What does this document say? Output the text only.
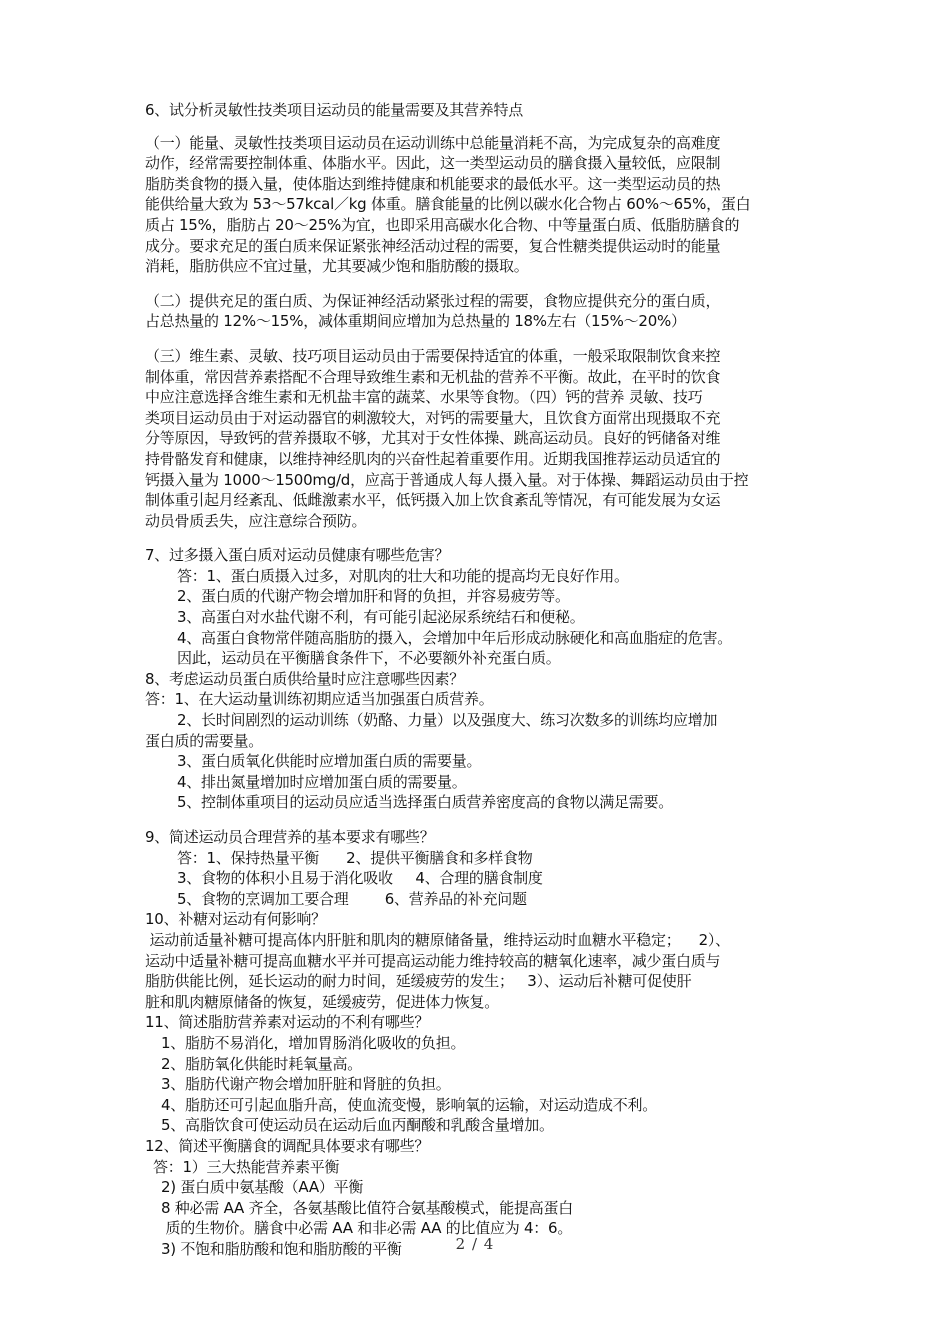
6、试分析灵敏性技类项目运动员的能量需要及其营养特点
（一）能量、灵敏性技类项目运动员在运动训练中总能量消耗不高，为完成复杂的高难度
动作，经常需要控制体重、体脂水平。因此，这一类型运动员的膳食摄入量较低，应限制
脂肪类食物的摄入量，使体脂达到维持健康和机能要求的最低水平。这一类型运动员的热
能供给量大致为 53～57kcal／kg 体重。膳食能量的比例以碳水化合物占 60%～65%，蛋白
质占 15%，脂肪占 20～25%为宜，也即采用高碳水化合物、中等量蛋白质、低脂肪膳食的
成分。要求充足的蛋白质来保证紧张神经活动过程的需要，复合性糖类提供运动时的能量
消耗，脂肪供应不宜过量，尤其要减少饱和脂肪酸的摄取。
（二）提供充足的蛋白质、为保证神经活动紧张过程的需要，食物应提供充分的蛋白质，
占总热量的 12%～15%，减体重期间应增加为总热量的 18%左右（15%～20%）
（三）维生素、灵敏、技巧项目运动员由于需要保持适宜的体重，一般采取限制饮食来控
制体重，常因营养素搭配不合理导致维生素和无机盐的营养不平衡。故此，在平时的饮食
中应注意选择含维生素和无机盐丰富的蔬菜、水果等食物。（四）钙的营养 灵敏、技巧
类项目运动员由于对运动器官的刺激较大，对钙的需要量大，且饮食方面常出现摄取不充
分等原因，导致钙的营养摄取不够，尤其对于女性体操、跳高运动员。良好的钙储备对维
持骨骼发育和健康，以维持神经肌肉的兴奋性起着重要作用。近期我国推荐运动员适宜的
钙摄入量为 1000～1500mg/d，应高于普通成人每人摄入量。对于体操、舞蹈运动员由于控
制体重引起月经紊乱、低雌激素水平，低钙摄入加上饮食紊乱等情况，有可能发展为女运
动员骨质丢失，应注意综合预防。
7、过多摄入蛋白质对运动员健康有哪些危害？
答：1、蛋白质摄入过多，对肌肉的壮大和功能的提高均无良好作用。
2、蛋白质的代谢产物会增加肝和肾的负担，并容易疲劳等。
3、高蛋白对水盐代谢不利，有可能引起泌尿系统结石和便秘。
4、高蛋白食物常伴随高脂肪的摄入，会增加中年后形成动脉硬化和高血脂症的危害。
因此，运动员在平衡膳食条件下，不必要额外补充蛋白质。
8、考虑运动员蛋白质供给量时应注意哪些因素？
答：1、在大运动量训练初期应适当加强蛋白质营养。
2、长时间剧烈的运动训练（奶酪、力量）以及强度大、练习次数多的训练均应增加
蛋白质的需要量。
3、蛋白质氧化供能时应增加蛋白质的需要量。
4、排出氮量增加时应增加蛋白质的需要量。
5、控制体重项目的运动员应适当选择蛋白质营养密度高的食物以满足需要。
9、简述运动员合理营养的基本要求有哪些？
答：1、保持热量平衡      2、提供平衡膳食和多样食物
3、食物的体积小且易于消化吸收     4、合理的膳食制度
5、食物的烹调加工要合理        6、营养品的补充问题
10、补糖对运动有何影响？
运动前适量补糖可提高体内肝脏和肌肉的糖原储备量，维持运动时血糖水平稳定；    2）、
运动中适量补糖可提高血糖水平并可提高运动能力维持较高的糖氧化速率，减少蛋白质与
脂肪供能比例，延长运动的耐力时间，延缓疲劳的发生；   3）、运动后补糖可促使肝
脏和肌肉糖原储备的恢复，延缓疲劳，促进体力恢复。
11、简述脂肪营养素对运动的不利有哪些？
1、脂肪不易消化，增加胃肠消化吸收的负担。
2、脂肪氧化供能时耗氧量高。
3、脂肪代谢产物会增加肝脏和肾脏的负担。
4、脂肪还可引起血脂升高，使血流变慢，影响氧的运输，对运动造成不利。
5、高脂饮食可使运动员在运动后血丙酮酸和乳酸含量增加。
12、简述平衡膳食的调配具体要求有哪些？
答：1）三大热能营养素平衡
2) 蛋白质中氨基酸（AA）平衡
8 种必需 AA 齐全，各氨基酸比值符合氨基酸模式，能提高蛋白
质的生物价。膳食中必需 AA 和非必需 AA 的比值应为 4：6。
3) 不饱和脂肪酸和饱和脂肪酸的平衡	2 / 4
